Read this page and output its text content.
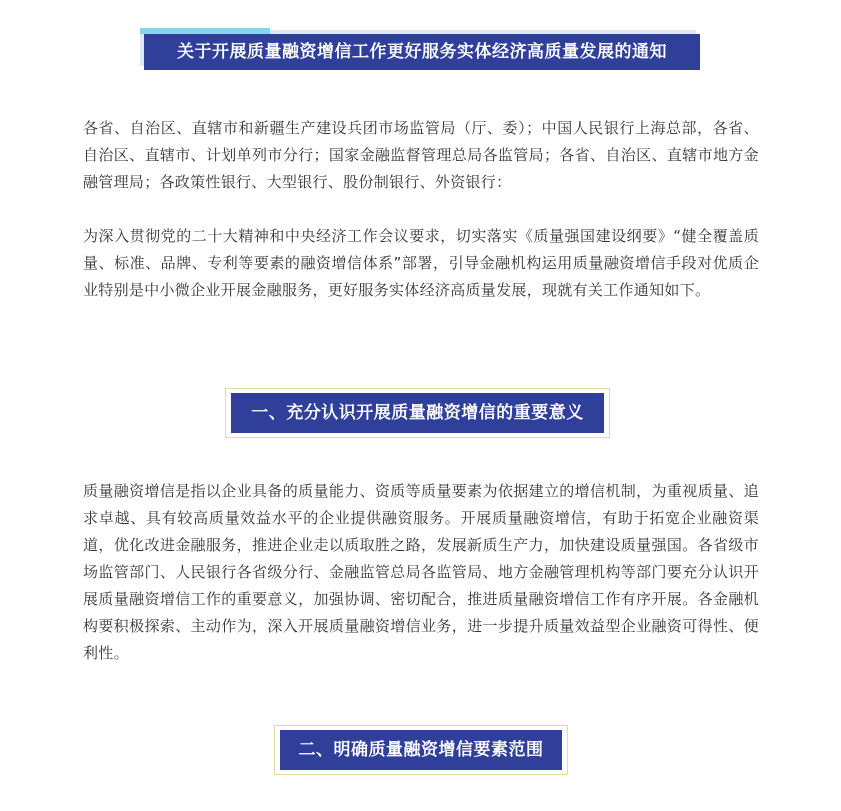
关于开展质量融资增信工作更好服务实体经济高质量发展的通知
各省、自治区、直辖市和新疆生产建设兵团市场监管局（厅、委）；中国人民银行上海总部，各省、自治区、直辖市、计划单列市分行；国家金融监督管理总局各监管局；各省、自治区、直辖市地方金融管理局；各政策性银行、大型银行、股份制银行、外资银行：
为深入贯彻党的二十大精神和中央经济工作会议要求，切实落实《质量强国建设纲要》“健全覆盖质量、标准、品牌、专利等要素的融资增信体系”部署，引导金融机构运用质量融资增信手段对优质企业特别是中小微企业开展金融服务，更好服务实体经济高质量发展，现就有关工作通知如下。
一、充分认识开展质量融资增信的重要意义
质量融资增信是指以企业具备的质量能力、资质等质量要素为依据建立的增信机制，为重视质量、追求卓越、具有较高质量效益水平的企业提供融资服务。开展质量融资增信，有助于拓宽企业融资渠道，优化改进金融服务，推进企业走以质取胜之路，发展新质生产力，加快建设质量强国。各省级市场监管部门、人民银行各省级分行、金融监管总局各监管局、地方金融管理机构等部门要充分认识开展质量融资增信工作的重要意义，加强协调、密切配合，推进质量融资增信工作有序开展。各金融机构要积极探索、主动作为，深入开展质量融资增信业务，进一步提升质量效益型企业融资可得性、便利性。
二、明确质量融资增信要素范围
